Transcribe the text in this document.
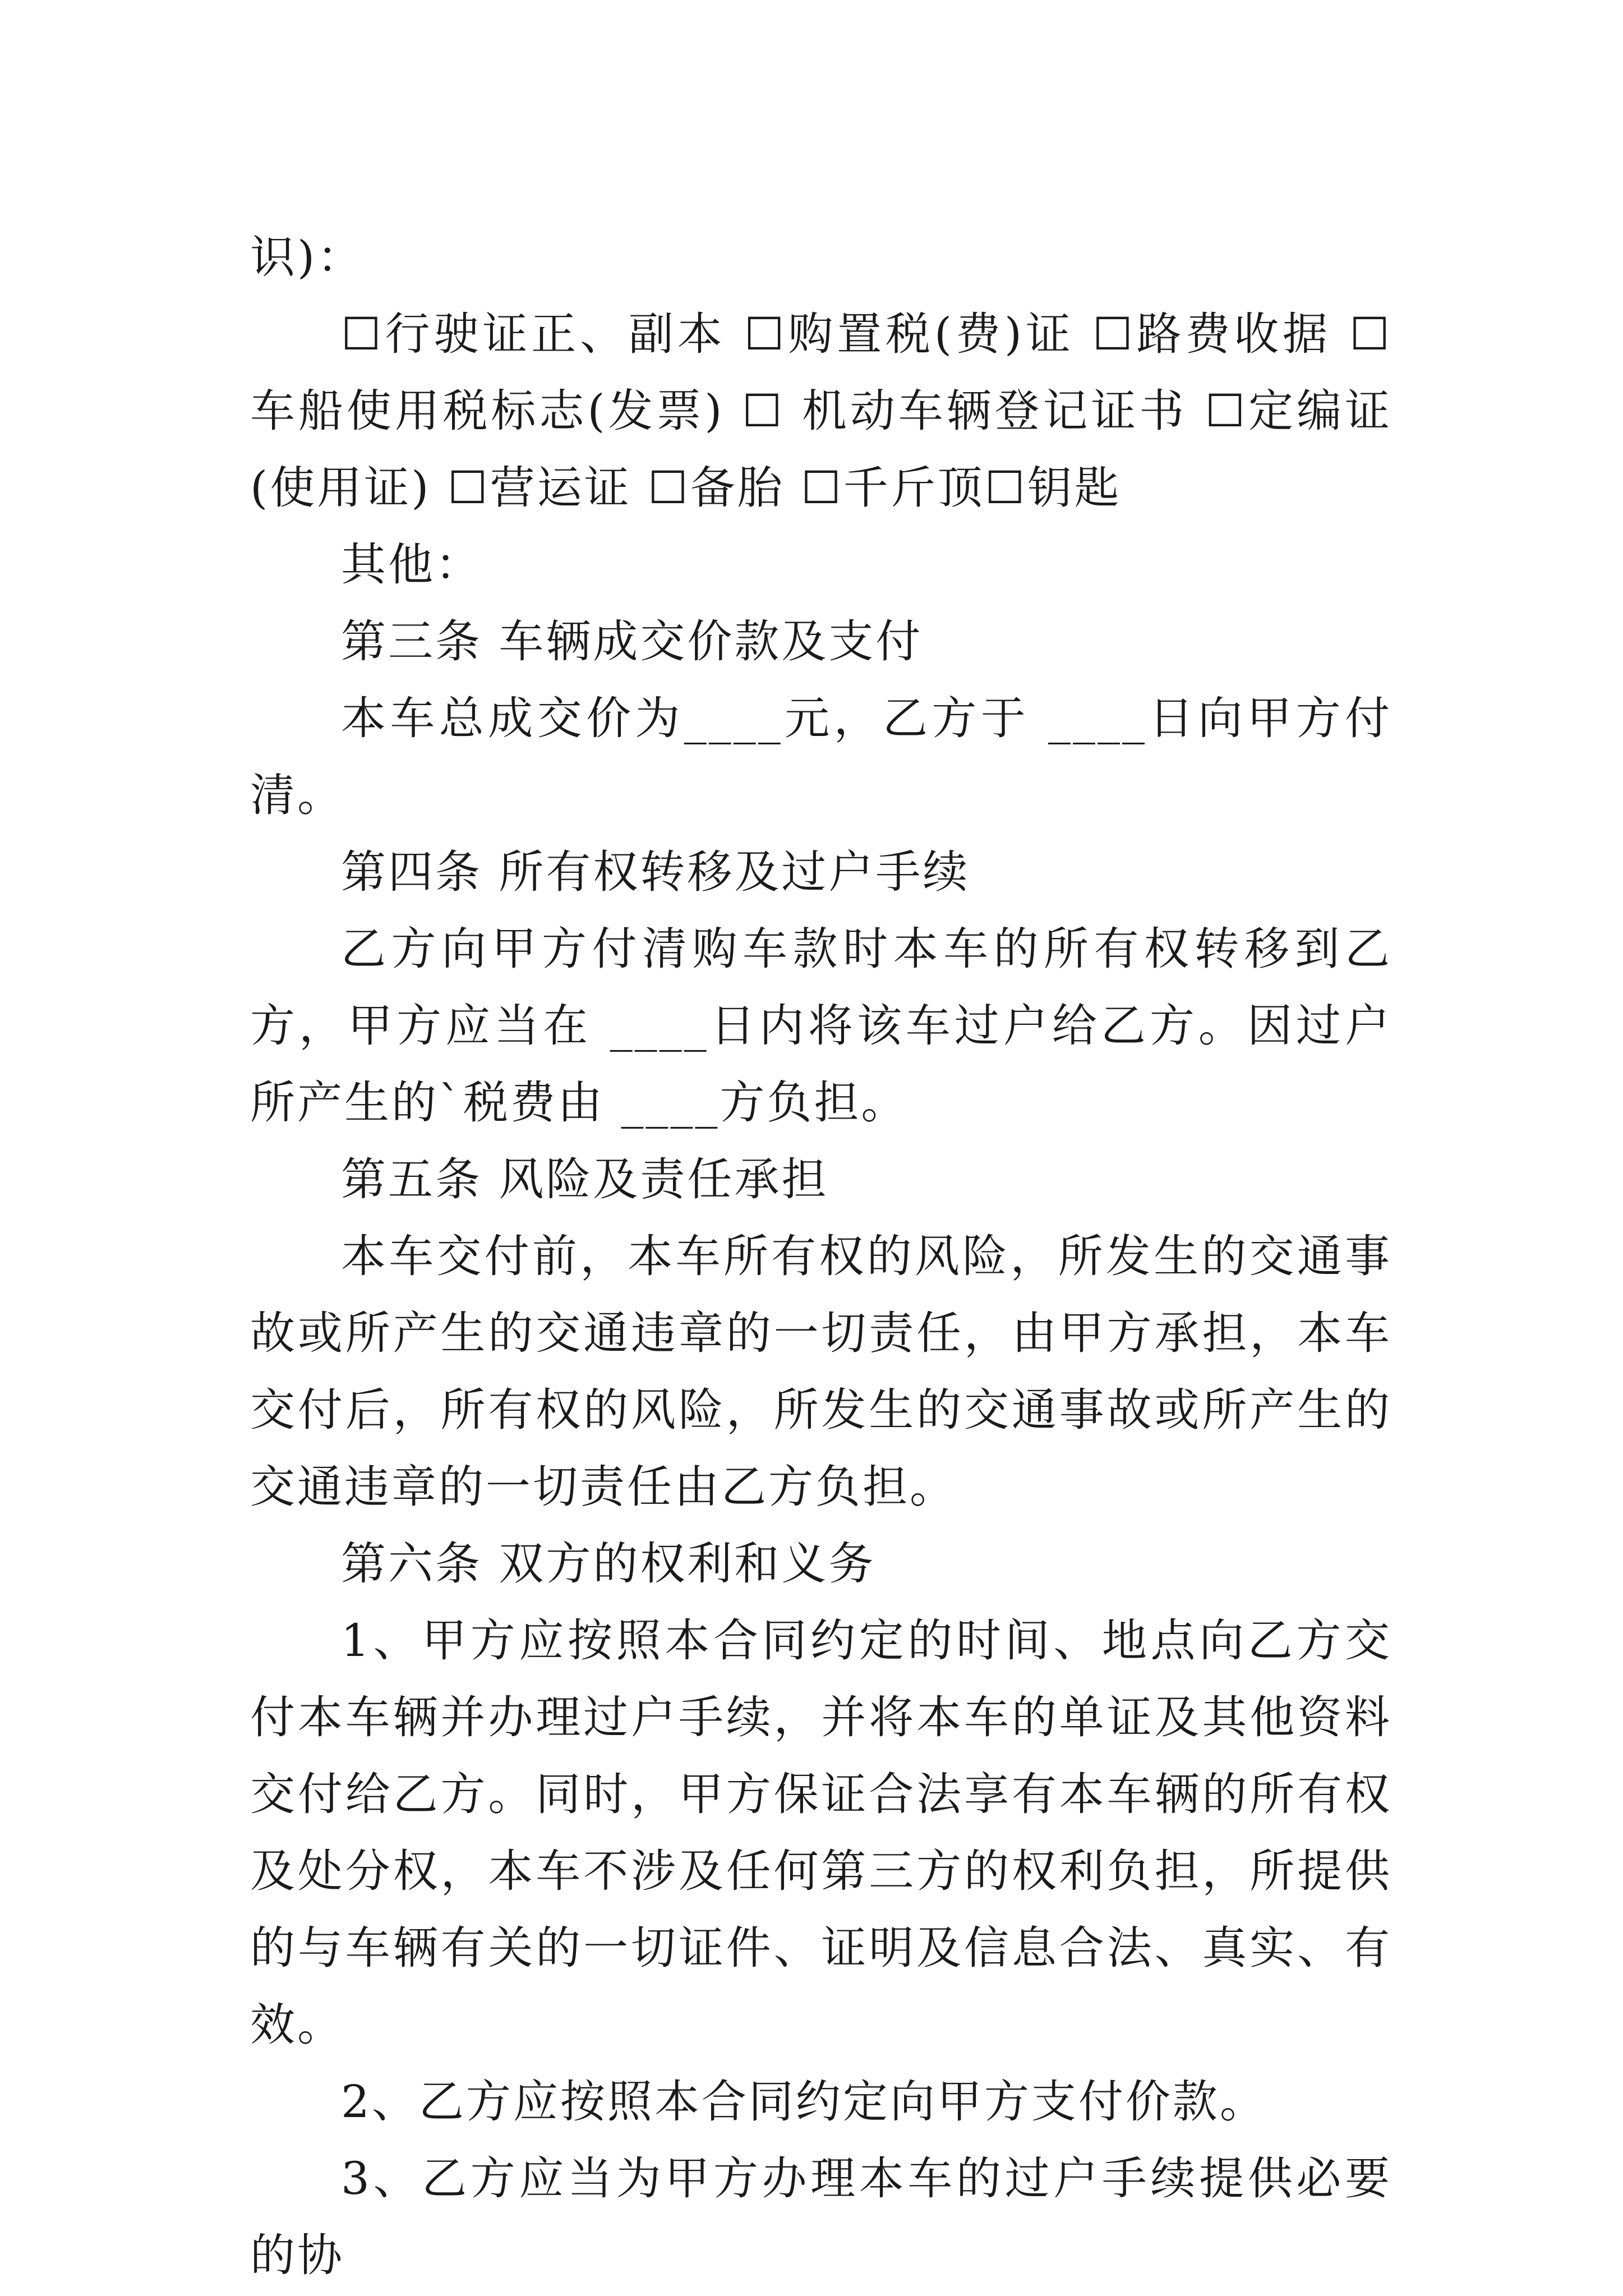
识)：

☐行驶证正、副本 ☐购置税(费)证 ☐路费收据 ☐车船使用税标志(发票) ☐ 机动车辆登记证书 ☐定编证(使用证) ☐营运证 ☐备胎 ☐千斤顶☐钥匙

其他：

第三条 车辆成交价款及支付

本车总成交价为____元，乙方于 ____日向甲方付清。

第四条 所有权转移及过户手续

乙方向甲方付清购车款时本车的所有权转移到乙方，甲方应当在 ____日内将该车过户给乙方。因过户所产生的`税费由 ____方负担。

第五条 风险及责任承担

本车交付前，本车所有权的风险，所发生的交通事故或所产生的交通违章的一切责任，由甲方承担，本车交付后，所有权的风险，所发生的交通事故或所产生的交通违章的一切责任由乙方负担。

第六条 双方的权利和义务

1、甲方应按照本合同约定的时间、地点向乙方交付本车辆并办理过户手续，并将本车的单证及其他资料交付给乙方。同时，甲方保证合法享有本车辆的所有权及处分权，本车不涉及任何第三方的权利负担，所提供的与车辆有关的一切证件、证明及信息合法、真实、有效。

2、乙方应按照本合同约定向甲方支付价款。

3、乙方应当为甲方办理本车的过户手续提供必要的协
